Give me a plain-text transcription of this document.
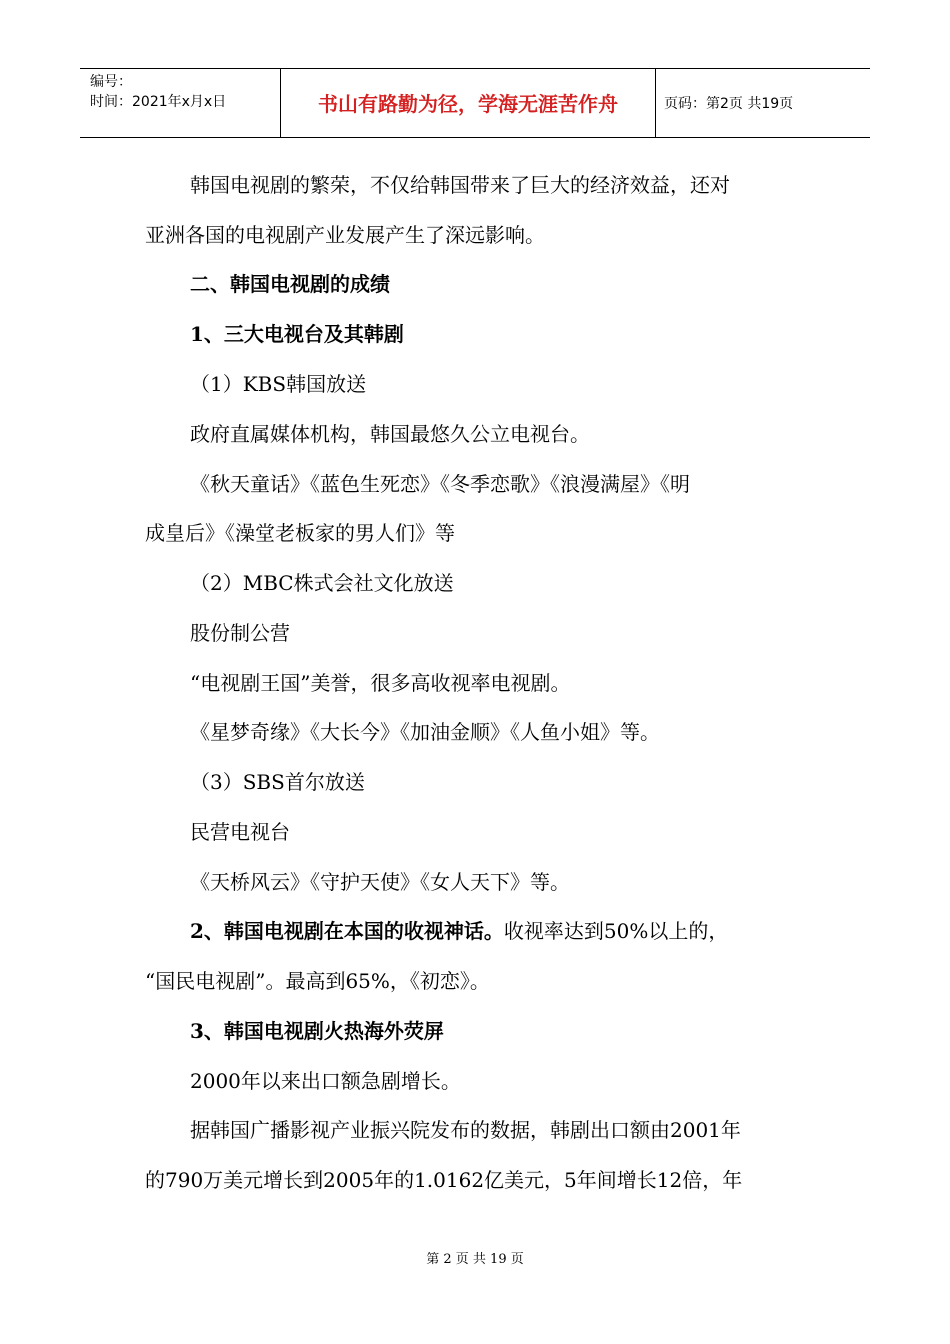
编号：
时间：2021年x月x日	书山有路勤为径，学海无涯苦作舟	页码：第2页 共19页
韩国电视剧的繁荣，不仅给韩国带来了巨大的经济效益，还对
亚洲各国的电视剧产业发展产生了深远影响。
二、韩国电视剧的成绩
1、三大电视台及其韩剧
（1）KBS韩国放送
政府直属媒体机构，韩国最悠久公立电视台。
《秋天童话》《蓝色生死恋》《冬季恋歌》《浪漫满屋》《明
成皇后》《澡堂老板家的男人们》等
（2）MBC株式会社文化放送
股份制公营
“电视剧王国”美誉，很多高收视率电视剧。
《星梦奇缘》《大长今》《加油金顺》《人鱼小姐》等。
（3）SBS首尔放送
民营电视台
《天桥风云》《守护天使》《女人天下》等。
2、韩国电视剧在本国的收视神话。收视率达到50%以上的，
“国民电视剧”。最高到65%，《初恋》。
3、韩国电视剧火热海外荧屏
2000年以来出口额急剧增长。
据韩国广播影视产业振兴院发布的数据，韩剧出口额由2001年
的790万美元增长到2005年的1.0162亿美元，5年间增长12倍，年
第 2 页 共 19 页
